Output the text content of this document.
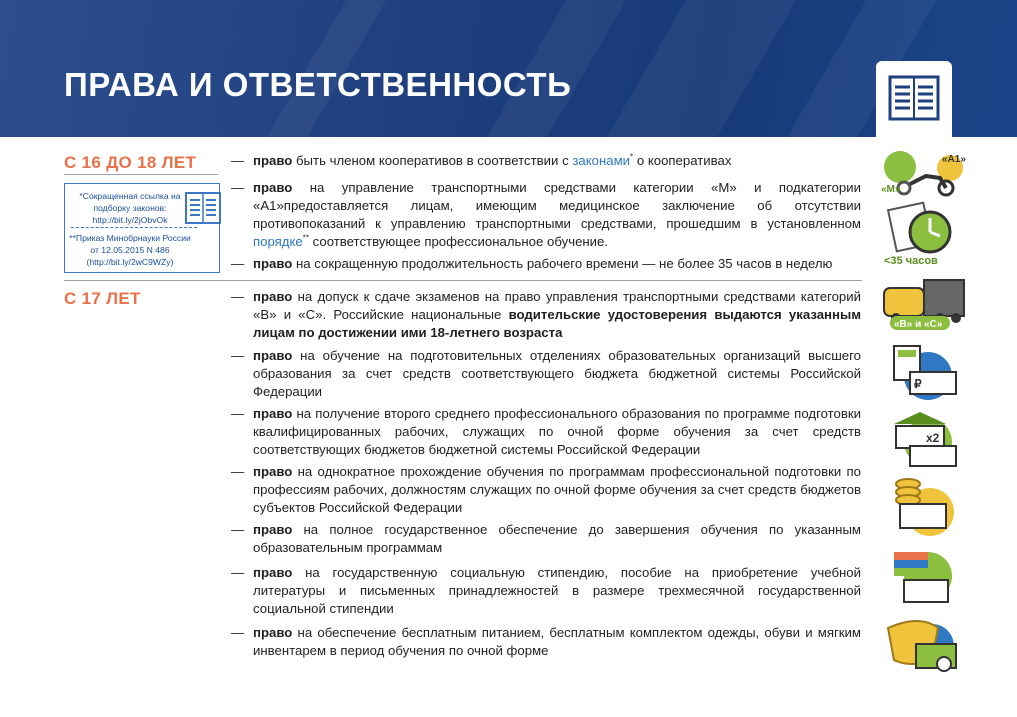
ПРАВА И ОТВЕТСТВЕННОСТЬ
С 16 ДО 18 ЛЕТ
С 17 ЛЕТ
*Сокращенная ссылка на подборку законов:
http://bit.ly/2jObvOk
**Приказ Минобрнауки России от 12.05.2015 N 486
(http://bit.ly/2wC9WZy)
— право быть членом кооперативов в соответствии с законами* о кооперативах
— право на управление транспортными средствами категории «М» и подкатегории «А1»предоставляется лицам, имеющим медицинское заключение об отсутствии противопоказаний к управлению транспортными средствами, прошедшим в установленном порядке** соответствующее профессиональное обучение.
— право на сокращенную продолжительность рабочего времени — не более 35 часов в неделю
— право на допуск к сдаче экзаменов на право управления транспортными средствами категорий «B» и «C». Российские национальные водительские удостоверения выдаются указанным лицам по достижении ими 18-летнего возраста
— право на обучение на подготовительных отделениях образовательных организаций высшего образования за счет средств соответствующего бюджета бюджетной системы Российской Федерации
— право на получение второго среднего профессионального образования по программе подготовки квалифицированных рабочих, служащих по очной форме обучения за счет средств соответствующих бюджетов бюджетной системы Российской Федерации
— право на однократное прохождение обучения по программам профессиональной подготовки по профессиям рабочих, должностям служащих по очной форме обучения за счет средств бюджетов субъектов Российской Федерации
— право на полное государственное обеспечение до завершения обучения по указанным образовательным программам
— право на государственную социальную стипендию, пособие на приобретение учебной литературы и письменных принадлежностей в размере трехмесячной государственной социальной стипендии
— право на обеспечение бесплатным питанием, бесплатным комплектом одежды, обуви и мягким инвентарем в период обучения по очной форме
«А1»
«М»
<35 часов
«B» и «C»
₽
х2
